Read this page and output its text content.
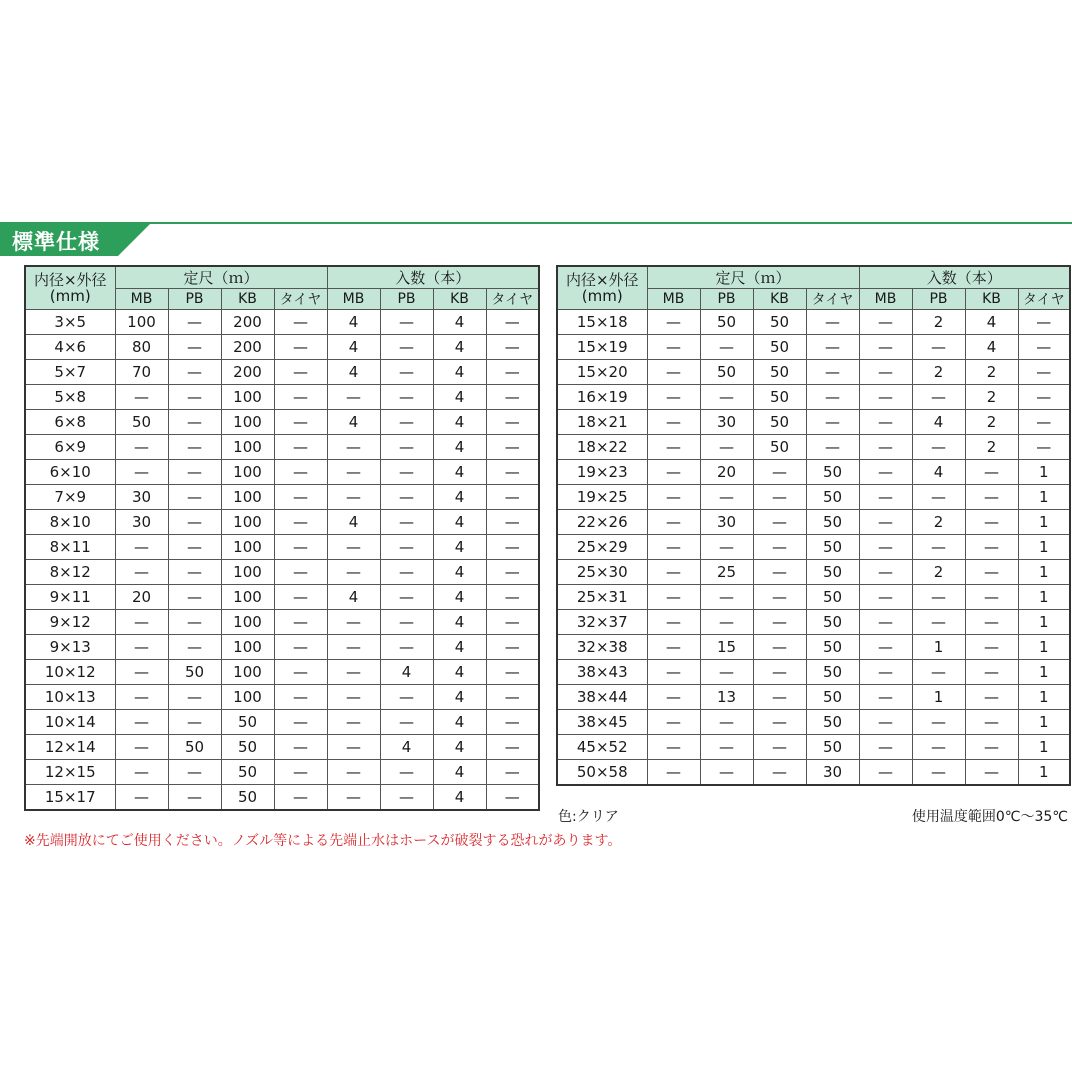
標準仕様
内径×外径
(mm)	定尺（ｍ）				入数（本）			
	MB	PB	KB	タイヤ	MB	PB	KB	タイヤ
3×5	100	—	200	—	4	—	4	—
4×6	80	—	200	—	4	—	4	—
5×7	70	—	200	—	4	—	4	—
5×8	—	—	100	—	—	—	4	—
6×8	50	—	100	—	4	—	4	—
6×9	—	—	100	—	—	—	4	—
6×10	—	—	100	—	—	—	4	—
7×9	30	—	100	—	—	—	4	—
8×10	30	—	100	—	4	—	4	—
8×11	—	—	100	—	—	—	4	—
8×12	—	—	100	—	—	—	4	—
9×11	20	—	100	—	4	—	4	—
9×12	—	—	100	—	—	—	4	—
9×13	—	—	100	—	—	—	4	—
10×12	—	50	100	—	—	4	4	—
10×13	—	—	100	—	—	—	4	—
10×14	—	—	50	—	—	—	4	—
12×14	—	50	50	—	—	4	4	—
12×15	—	—	50	—	—	—	4	—
15×17	—	—	50	—	—	—	4	—
内径×外径
(mm)	定尺（ｍ）				入数（本）			
	MB	PB	KB	タイヤ	MB	PB	KB	タイヤ
15×18	—	50	50	—	—	2	4	—
15×19	—	—	50	—	—	—	4	—
15×20	—	50	50	—	—	2	2	—
16×19	—	—	50	—	—	—	2	—
18×21	—	30	50	—	—	4	2	—
18×22	—	—	50	—	—	—	2	—
19×23	—	20	—	50	—	4	—	1
19×25	—	—	—	50	—	—	—	1
22×26	—	30	—	50	—	2	—	1
25×29	—	—	—	50	—	—	—	1
25×30	—	25	—	50	—	2	—	1
25×31	—	—	—	50	—	—	—	1
32×37	—	—	—	50	—	—	—	1
32×38	—	15	—	50	—	1	—	1
38×43	—	—	—	50	—	—	—	1
38×44	—	13	—	50	—	1	—	1
38×45	—	—	—	50	—	—	—	1
45×52	—	—	—	50	—	—	—	1
50×58	—	—	—	30	—	—	—	1
色:クリア	使用温度範囲0℃～35℃
※先端開放にてご使用ください。ノズル等による先端止水はホースが破裂する恐れがあります。
